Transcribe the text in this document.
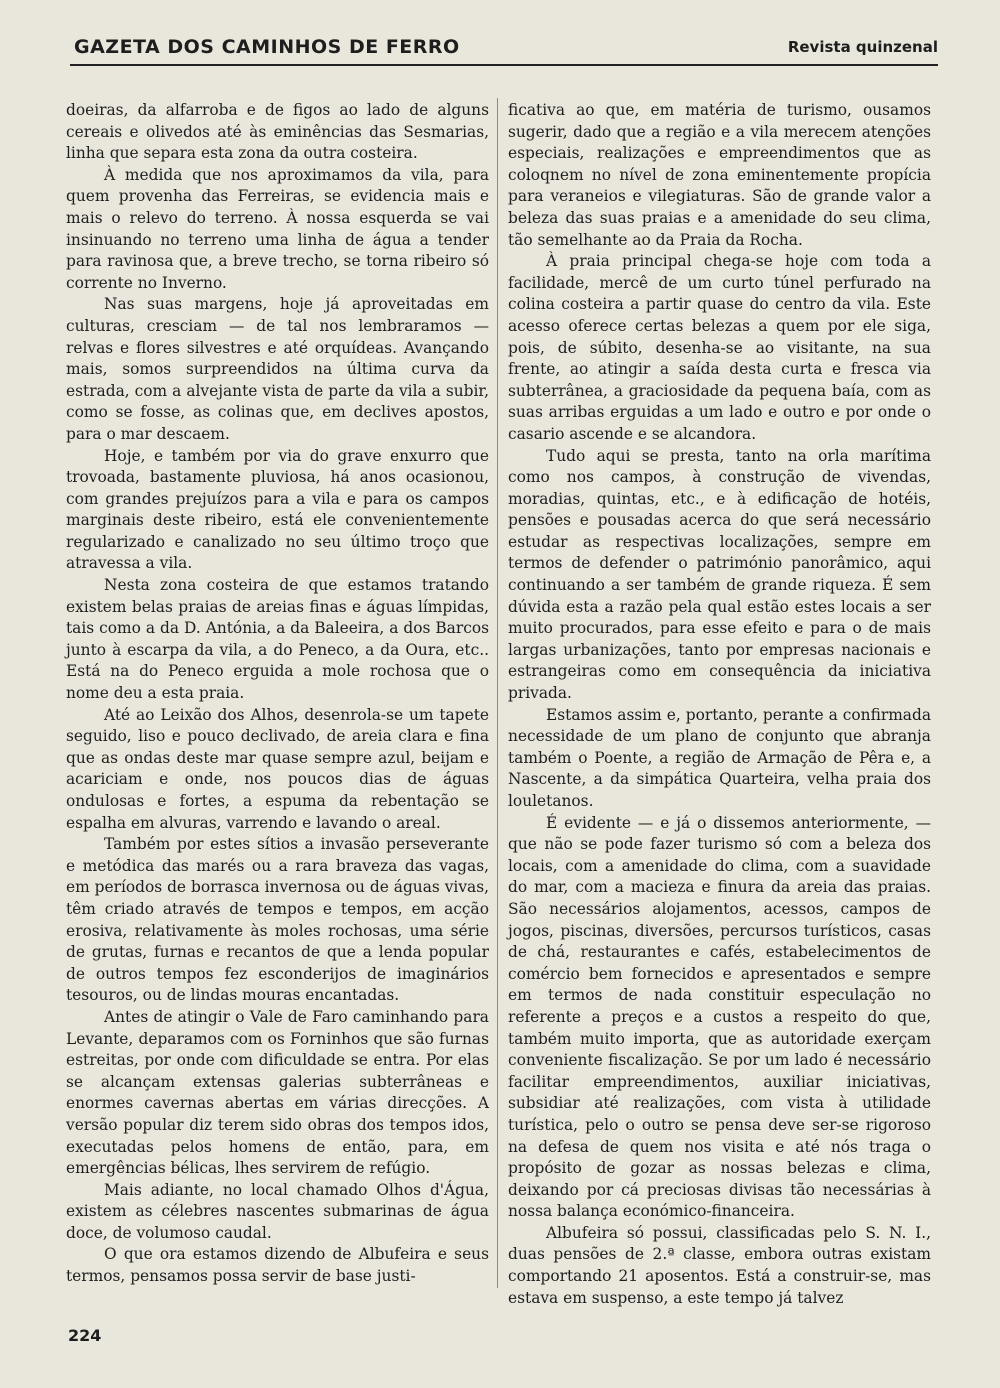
GAZETA DOS CAMINHOS DE FERRO	Revista quinzenal

doeiras, da alfarroba e de figos ao lado de alguns cereais e olivedos até às eminências das Sesmarias, linha que separa esta zona da outra costeira.

À medida que nos aproximamos da vila, para quem provenha das Ferreiras, se evidencia mais e mais o relevo do terreno. À nossa esquerda se vai insinuando no terreno uma linha de água a tender para ravinosa que, a breve trecho, se torna ribeiro só corrente no Inverno.

Nas suas margens, hoje já aproveitadas em culturas, cresciam — de tal nos lembraramos — relvas e flores silvestres e até orquídeas. Avançando mais, somos surpreendidos na última curva da estrada, com a alvejante vista de parte da vila a subir, como se fosse, as colinas que, em declives apostos, para o mar descaem.

Hoje, e também por via do grave enxurro que trovoada, bastamente pluviosa, há anos ocasionou, com grandes prejuízos para a vila e para os campos marginais deste ribeiro, está ele convenientemente regularizado e canalizado no seu último troço que atravessa a vila.

Nesta zona costeira de que estamos tratando existem belas praias de areias finas e águas límpidas, tais como a da D. Antónia, a da Baleeira, a dos Barcos junto à escarpa da vila, a do Peneco, a da Oura, etc.. Está na do Peneco erguida a mole rochosa que o nome deu a esta praia.

Até ao Leixão dos Alhos, desenrola-se um tapete seguido, liso e pouco declivado, de areia clara e fina que as ondas deste mar quase sempre azul, beijam e acariciam e onde, nos poucos dias de águas ondulosas e fortes, a espuma da rebentação se espalha em alvuras, varrendo e lavando o areal.

Também por estes sítios a invasão perseverante e metódica das marés ou a rara braveza das vagas, em períodos de borrasca invernosa ou de águas vivas, têm criado através de tempos e tempos, em acção erosiva, relativamente às moles rochosas, uma série de grutas, furnas e recantos de que a lenda popular de outros tempos fez esconderijos de imaginários tesouros, ou de lindas mouras encantadas.

Antes de atingir o Vale de Faro caminhando para Levante, deparamos com os Forninhos que são furnas estreitas, por onde com dificuldade se entra. Por elas se alcançam extensas galerias subterrâneas e enormes cavernas abertas em várias direcções. A versão popular diz terem sido obras dos tempos idos, executadas pelos homens de então, para, em emergências bélicas, lhes servirem de refúgio.

Mais adiante, no local chamado Olhos d'Água, existem as célebres nascentes submarinas de água doce, de volumoso caudal.

O que ora estamos dizendo de Albufeira e seus termos, pensamos possa servir de base justi-

ficativa ao que, em matéria de turismo, ousamos sugerir, dado que a região e a vila merecem atenções especiais, realizações e empreendimentos que as coloqnem no nível de zona eminentemente propícia para veraneios e vilegiaturas. São de grande valor a beleza das suas praias e a amenidade do seu clima, tão semelhante ao da Praia da Rocha.

À praia principal chega-se hoje com toda a facilidade, mercê de um curto túnel perfurado na colina costeira a partir quase do centro da vila. Este acesso oferece certas belezas a quem por ele siga, pois, de súbito, desenha-se ao visitante, na sua frente, ao atingir a saída desta curta e fresca via subterrânea, a graciosidade da pequena baía, com as suas arribas erguidas a um lado e outro e por onde o casario ascende e se alcandora.

Tudo aqui se presta, tanto na orla marítima como nos campos, à construção de vivendas, moradias, quintas, etc., e à edificação de hotéis, pensões e pousadas acerca do que será necessário estudar as respectivas localizações, sempre em termos de defender o património panorâmico, aqui continuando a ser também de grande riqueza. É sem dúvida esta a razão pela qual estão estes locais a ser muito procurados, para esse efeito e para o de mais largas urbanizações, tanto por empresas nacionais e estrangeiras como em consequência da iniciativa privada.

Estamos assim e, portanto, perante a confirmada necessidade de um plano de conjunto que abranja também o Poente, a região de Armação de Pêra e, a Nascente, a da simpática Quarteira, velha praia dos louletanos.

É evidente — e já o dissemos anteriormente, — que não se pode fazer turismo só com a beleza dos locais, com a amenidade do clima, com a suavidade do mar, com a macieza e finura da areia das praias. São necessários alojamentos, acessos, campos de jogos, piscinas, diversões, percursos turísticos, casas de chá, restaurantes e cafés, estabelecimentos de comércio bem fornecidos e apresentados e sempre em termos de nada constituir especulação no referente a preços e a custos a respeito do que, também muito importa, que as autoridade exerçam conveniente fiscalização. Se por um lado é necessário facilitar empreendimentos, auxiliar iniciativas, subsidiar até realizações, com vista à utilidade turística, pelo o outro se pensa deve ser-se rigoroso na defesa de quem nos visita e até nós traga o propósito de gozar as nossas belezas e clima, deixando por cá preciosas divisas tão necessárias à nossa balança económico-financeira.

Albufeira só possui, classificadas pelo S. N. I., duas pensões de 2.ª classe, embora outras existam comportando 21 aposentos. Está a construir-se, mas estava em suspenso, a este tempo já talvez

224
